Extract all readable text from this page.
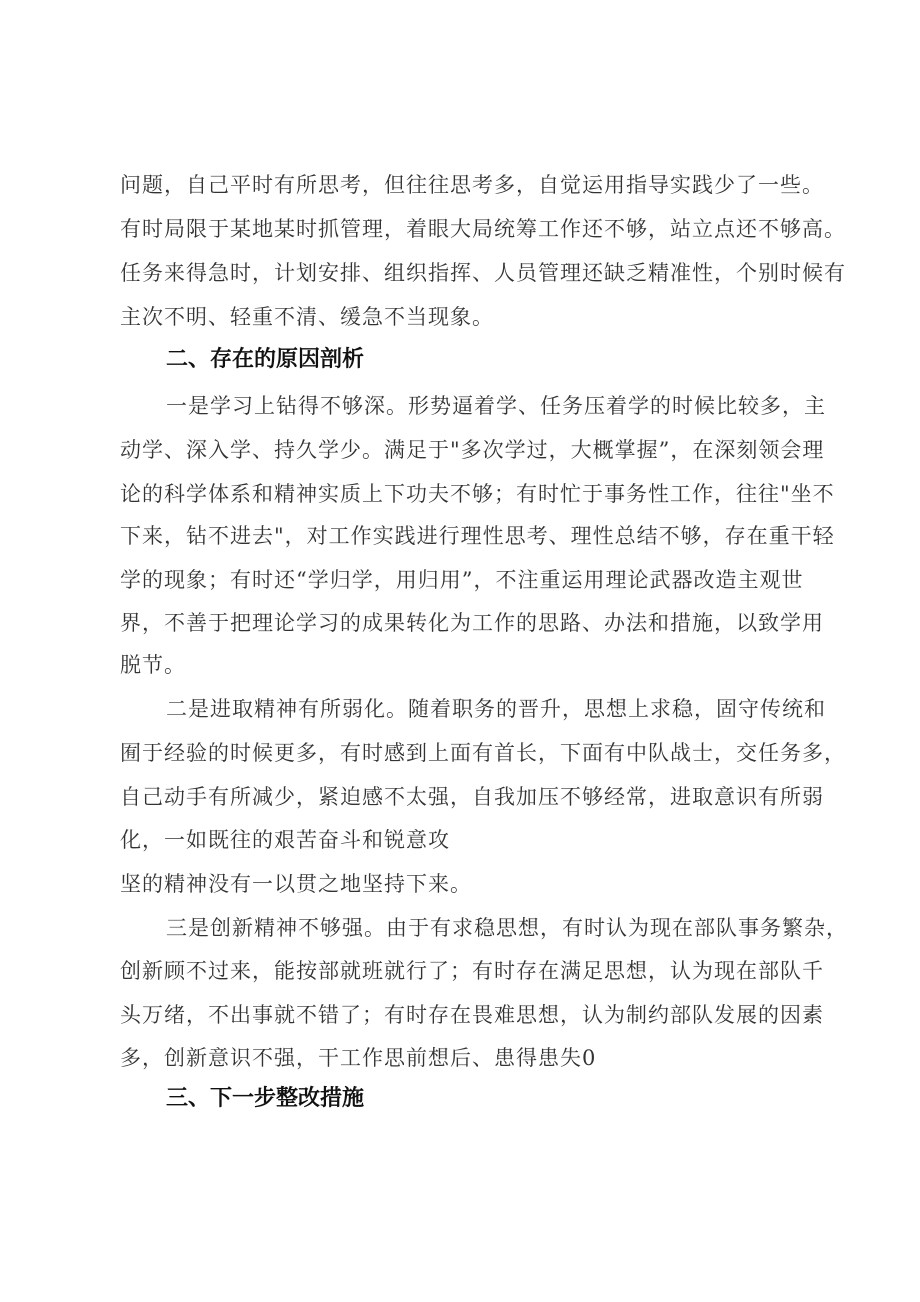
问题，自己平时有所思考，但往往思考多，自觉运用指导实践少了一些。
有时局限于某地某时抓管理，着眼大局统筹工作还不够，站立点还不够高。
任务来得急时，计划安排、组织指挥、人员管理还缺乏精准性，个别时候有
主次不明、轻重不清、缓急不当现象。
二、存在的原因剖析
一是学习上钻得不够深。形势逼着学、任务压着学的时候比较多，主
动学、深入学、持久学少。满足于"多次学过，大概掌握”，在深刻领会理
论的科学体系和精神实质上下功夫不够；有时忙于事务性工作，往往"坐不
下来，钻不进去"，对工作实践进行理性思考、理性总结不够，存在重干轻
学的现象；有时还“学归学，用归用”，不注重运用理论武器改造主观世
界，不善于把理论学习的成果转化为工作的思路、办法和措施，以致学用
脱节。
二是进取精神有所弱化。随着职务的晋升，思想上求稳，固守传统和
囿于经验的时候更多，有时感到上面有首长，下面有中队战士，交任务多，
自己动手有所减少，紧迫感不太强，自我加压不够经常，进取意识有所弱
化，一如既往的艰苦奋斗和锐意攻
坚的精神没有一以贯之地坚持下来。
三是创新精神不够强。由于有求稳思想，有时认为现在部队事务繁杂，
创新顾不过来，能按部就班就行了；有时存在满足思想，认为现在部队千
头万绪，不出事就不错了；有时存在畏难思想，认为制约部队发展的因素
多，创新意识不强，干工作思前想后、患得患失0
三、下一步整改措施
